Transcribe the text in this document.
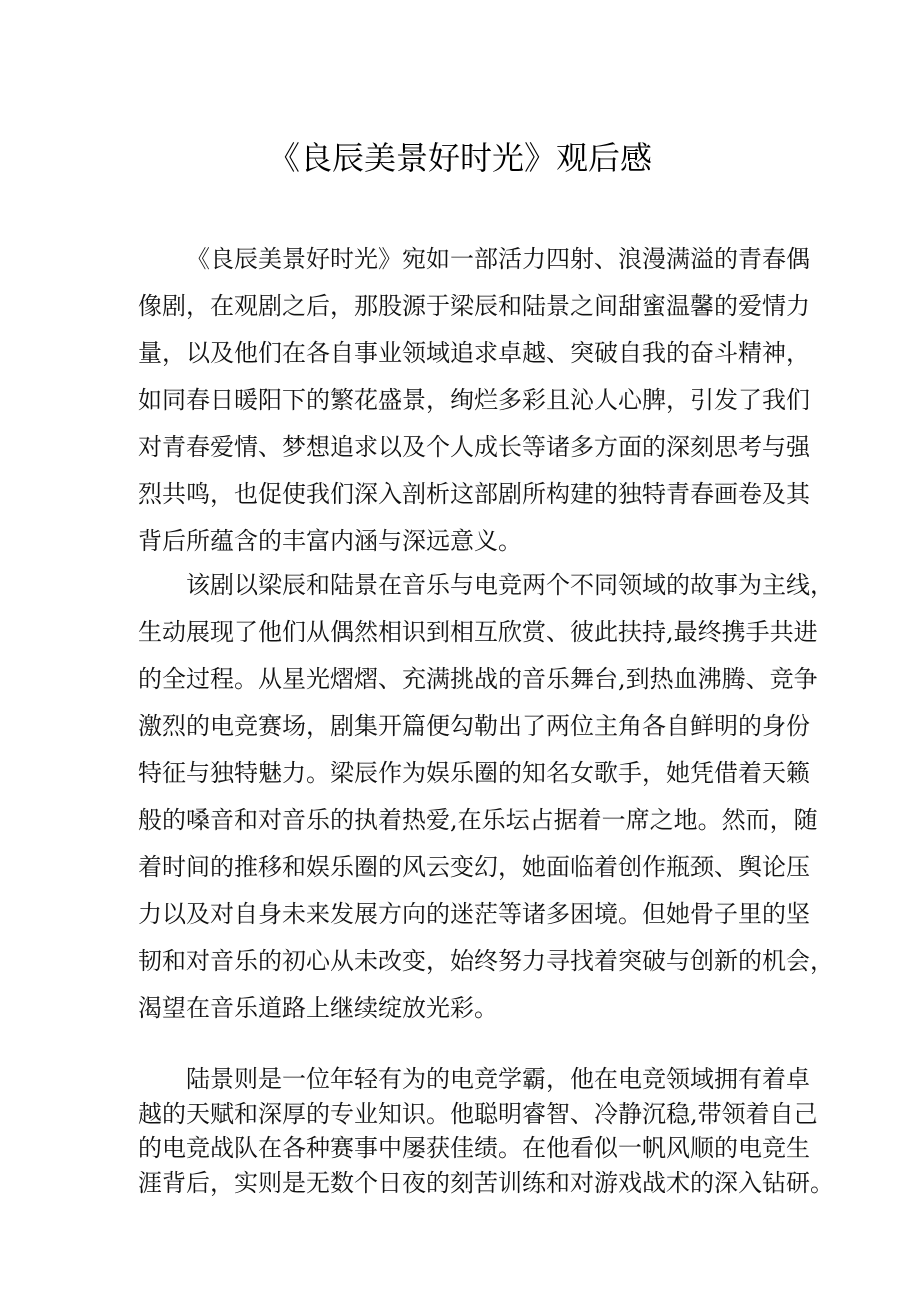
《良辰美景好时光》观后感
《良辰美景好时光》宛如一部活力四射、浪漫满溢的青春偶
像剧，在观剧之后，那股源于梁辰和陆景之间甜蜜温馨的爱情力
量，以及他们在各自事业领域追求卓越、突破自我的奋斗精神，
如同春日暖阳下的繁花盛景，绚烂多彩且沁人心脾，引发了我们
对青春爱情、梦想追求以及个人成长等诸多方面的深刻思考与强
烈共鸣，也促使我们深入剖析这部剧所构建的独特青春画卷及其
背后所蕴含的丰富内涵与深远意义。
该剧以梁辰和陆景在音乐与电竞两个不同领域的故事为主线，
生动展现了他们从偶然相识到相互欣赏、彼此扶持,最终携手共进
的全过程。从星光熠熠、充满挑战的音乐舞台,到热血沸腾、竞争
激烈的电竞赛场，剧集开篇便勾勒出了两位主角各自鲜明的身份
特征与独特魅力。梁辰作为娱乐圈的知名女歌手，她凭借着天籁
般的嗓音和对音乐的执着热爱,在乐坛占据着一席之地。然而，随
着时间的推移和娱乐圈的风云变幻，她面临着创作瓶颈、舆论压
力以及对自身未来发展方向的迷茫等诸多困境。但她骨子里的坚
韧和对音乐的初心从未改变，始终努力寻找着突破与创新的机会，
渴望在音乐道路上继续绽放光彩。
陆景则是一位年轻有为的电竞学霸，他在电竞领域拥有着卓
越的天赋和深厚的专业知识。他聪明睿智、冷静沉稳,带领着自己
的电竞战队在各种赛事中屡获佳绩。在他看似一帆风顺的电竞生
涯背后，实则是无数个日夜的刻苦训练和对游戏战术的深入钻研。
